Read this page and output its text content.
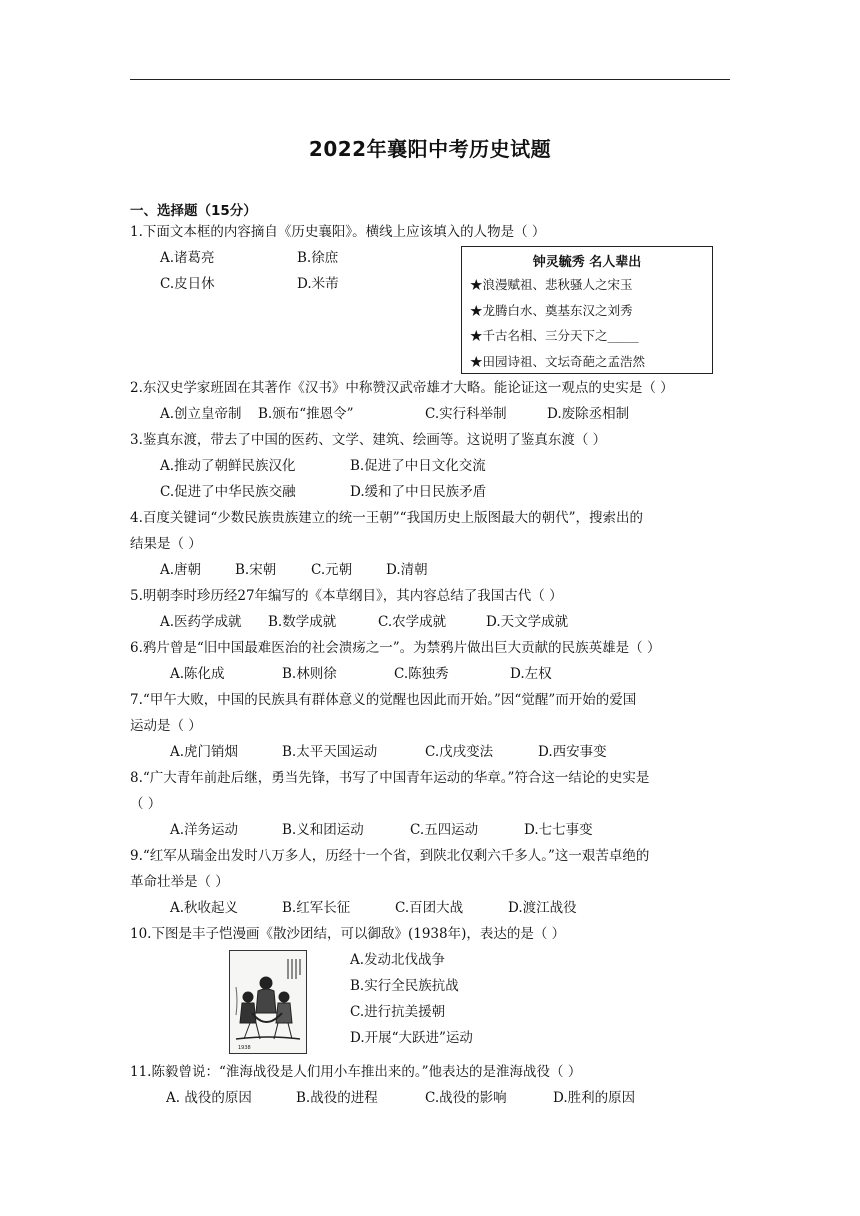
2022年襄阳中考历史试题
一、选择题（15分）
1.下面文本框的内容摘自《历史襄阳》。横线上应该填入的人物是（ ）
A.诸葛亮	B.徐庶
C.皮日休	D.米芾
钟灵毓秀 名人辈出
★浪漫赋祖、悲秋骚人之宋玉
★龙腾白水、奠基东汉之刘秀
★千古名相、三分天下之_____
★田园诗祖、文坛奇葩之孟浩然
2.东汉史学家班固在其著作《汉书》中称赞汉武帝雄才大略。能论证这一观点的史实是（ ）
A.创立皇帝制 B.颁布“推恩令”	C.实行科举制	D.废除丞相制
3.鉴真东渡，带去了中国的医药、文学、建筑、绘画等。这说明了鉴真东渡（ ）
A.推动了朝鲜民族汉化	B.促进了中日文化交流
C.促进了中华民族交融	D.缓和了中日民族矛盾
4.百度关键词“少数民族贵族建立的统一王朝”“我国历史上版图最大的朝代”，搜索出的
结果是（ ）
A.唐朝	B.宋朝	C.元朝	D.清朝
5.明朝李时珍历经27年编写的《本草纲目》，其内容总结了我国古代（ ）
A.医药学成就 B.数学成就	C.农学成就	D.天文学成就
6.鸦片曾是“旧中国最难医治的社会溃疡之一”。为禁鸦片做出巨大贡献的民族英雄是（ ）
A.陈化成	B.林则徐	C.陈独秀	D.左权
7.“甲午大败，中国的民族具有群体意义的觉醒也因此而开始。”因“觉醒”而开始的爱国
运动是（ ）
A.虎门销烟	B.太平天国运动	C.戊戌变法	D.西安事变
8.“广大青年前赴后继，勇当先锋，书写了中国青年运动的华章。”符合这一结论的史实是
（ ）
A.洋务运动	B.义和团运动	C.五四运动	D.七七事变
9.“红军从瑞金出发时八万多人，历经十一个省，到陕北仅剩六千多人。”这一艰苦卓绝的
革命壮举是（ ）
A.秋收起义	B.红军长征	C.百团大战	D.渡江战役
10.下图是丰子恺漫画《散沙团结，可以御敌》(1938年)，表达的是（ ）
1938
A.发动北伐战争
B.实行全民族抗战
C.进行抗美援朝
D.开展“大跃进”运动
11.陈毅曾说：“淮海战役是人们用小车推出来的。”他表达的是淮海战役（ ）
A. 战役的原因	B.战役的进程	C.战役的影响	D.胜利的原因
